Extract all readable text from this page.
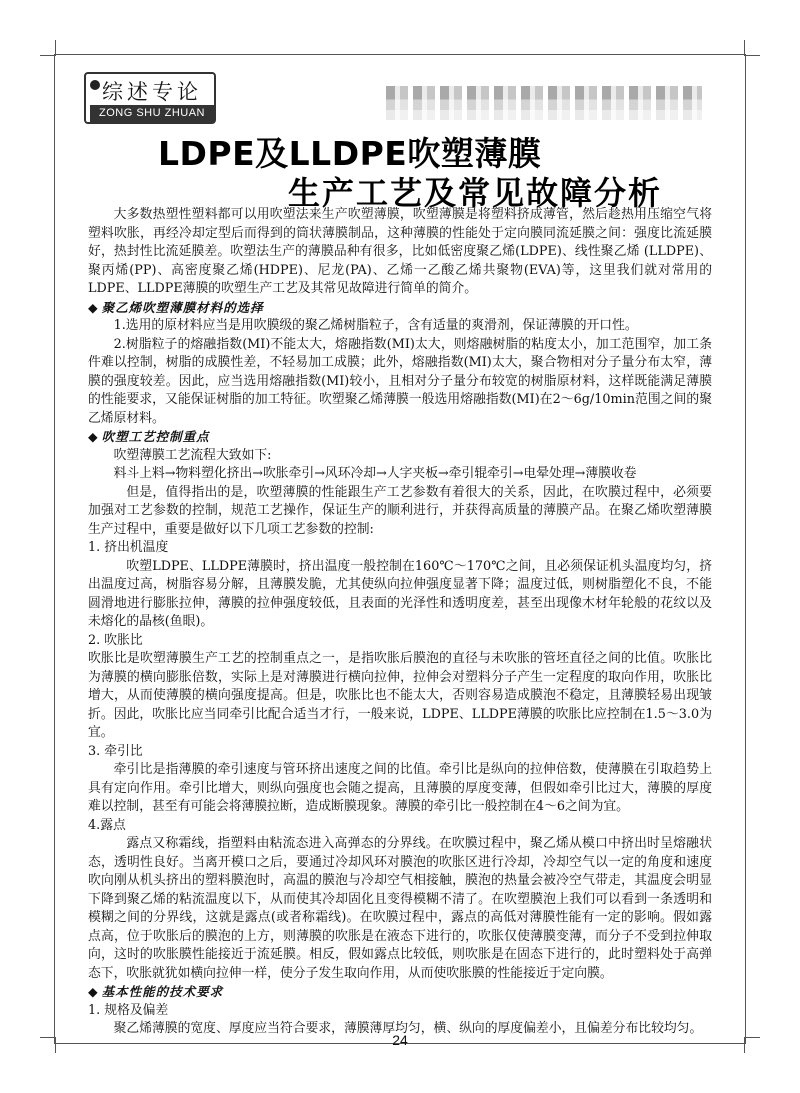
综述专论
ZONG SHU ZHUAN LUN
LDPE及LLDPE吹塑薄膜
生产工艺及常见故障分析

大多数热塑性塑料都可以用吹塑法来生产吹塑薄膜，吹塑薄膜是将塑料挤成薄管，然后趁热用压缩空气将塑料吹胀，再经冷却定型后而得到的筒状薄膜制品，这种薄膜的性能处于定向膜同流延膜之间：强度比流延膜好，热封性比流延膜差。吹塑法生产的薄膜品种有很多，比如低密度聚乙烯(LDPE)、线性聚乙烯 (LLDPE)、聚丙烯(PP)、高密度聚乙烯(HDPE)、尼龙(PA)、乙烯一乙酸乙烯共聚物(EVA)等，这里我们就对常用的LDPE、LLDPE薄膜的吹塑生产工艺及其常见故障进行简单的简介。

◆ 聚乙烯吹塑薄膜材料的选择

1.选用的原材料应当是用吹膜级的聚乙烯树脂粒子，含有适量的爽滑剂，保证薄膜的开口性。

2.树脂粒子的熔融指数(MI)不能太大，熔融指数(MI)太大，则熔融树脂的粘度太小，加工范围窄，加工条件难以控制，树脂的成膜性差，不轻易加工成膜；此外，熔融指数(MI)太大，聚合物相对分子量分布太窄，薄膜的强度较差。因此，应当选用熔融指数(MI)较小，且相对分子量分布较宽的树脂原材料，这样既能满足薄膜的性能要求，又能保证树脂的加工特征。吹塑聚乙烯薄膜一般选用熔融指数(MI)在2～6g/10min范围之间的聚乙烯原材料。

◆ 吹塑工艺控制重点

吹塑薄膜工艺流程大致如下:

料斗上料→物料塑化挤出→吹胀牵引→风环冷却→人字夹板→牵引辊牵引→电晕处理→薄膜收卷

但是，值得指出的是，吹塑薄膜的性能跟生产工艺参数有着很大的关系，因此，在吹膜过程中，必须要加强对工艺参数的控制，规范工艺操作，保证生产的顺利进行，并获得高质量的薄膜产品。在聚乙烯吹塑薄膜生产过程中，重要是做好以下几项工艺参数的控制:

1. 挤出机温度

吹塑LDPE、LLDPE薄膜时，挤出温度一般控制在160℃～170℃之间，且必须保证机头温度均匀，挤出温度过高，树脂容易分解，且薄膜发脆，尤其使纵向拉伸强度显著下降；温度过低，则树脂塑化不良，不能圆滑地进行膨胀拉伸，薄膜的拉伸强度较低，且表面的光泽性和透明度差，甚至出现像木材年轮般的花纹以及未熔化的晶核(鱼眼)。

2. 吹胀比

吹胀比是吹塑薄膜生产工艺的控制重点之一，是指吹胀后膜泡的直径与未吹胀的管坯直径之间的比值。吹胀比为薄膜的横向膨胀倍数，实际上是对薄膜进行横向拉伸，拉伸会对塑料分子产生一定程度的取向作用，吹胀比增大，从而使薄膜的横向强度提高。但是，吹胀比也不能太大，否则容易造成膜泡不稳定，且薄膜轻易出现皱折。因此，吹胀比应当同牵引比配合适当才行，一般来说，LDPE、LLDPE薄膜的吹胀比应控制在1.5～3.0为宜。

3. 牵引比

牵引比是指薄膜的牵引速度与管环挤出速度之间的比值。牵引比是纵向的拉伸倍数，使薄膜在引取趋势上具有定向作用。牵引比增大，则纵向强度也会随之提高，且薄膜的厚度变薄，但假如牵引比过大，薄膜的厚度难以控制，甚至有可能会将薄膜拉断，造成断膜现象。薄膜的牵引比一般控制在4～6之间为宜。

4.露点

露点又称霜线，指塑料由粘流态进入高弹态的分界线。在吹膜过程中，聚乙烯从模口中挤出时呈熔融状态，透明性良好。当离开模口之后，要通过冷却风环对膜泡的吹胀区进行冷却，冷却空气以一定的角度和速度吹向刚从机头挤出的塑料膜泡时，高温的膜泡与冷却空气相接触，膜泡的热量会被冷空气带走，其温度会明显下降到聚乙烯的粘流温度以下，从而使其冷却固化且变得模糊不清了。在吹塑膜泡上我们可以看到一条透明和模糊之间的分界线，这就是露点(或者称霜线)。在吹膜过程中，露点的高低对薄膜性能有一定的影响。假如露点高，位于吹胀后的膜泡的上方，则薄膜的吹胀是在液态下进行的，吹胀仅使薄膜变薄，而分子不受到拉伸取向，这时的吹胀膜性能接近于流延膜。相反，假如露点比较低，则吹胀是在固态下进行的，此时塑料处于高弹态下，吹胀就犹如横向拉伸一样，使分子发生取向作用，从而使吹胀膜的性能接近于定向膜。

◆ 基本性能的技术要求

1. 规格及偏差

聚乙烯薄膜的宽度、厚度应当符合要求，薄膜薄厚均匀，横、纵向的厚度偏差小，且偏差分布比较均匀。

24
